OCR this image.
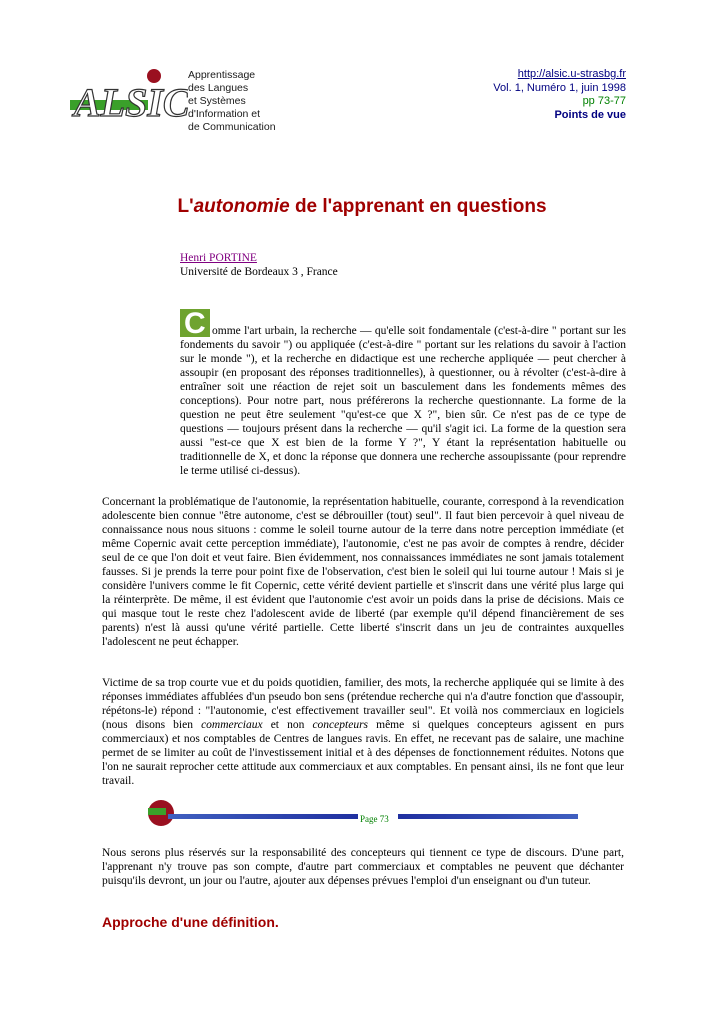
ALSIC
Apprentissage
des Langues
et Systèmes
d'Information et
de Communication
http://alsic.u-strasbg.fr
Vol. 1, Numéro 1, juin 1998
pp 73-77
Points de vue
L'autonomie de l'apprenant en questions
Henri PORTINE
Université de Bordeaux 3 , France
C omme l'art urbain, la recherche — qu'elle soit fondamentale (c'est-à-dire " portant sur les fondements du savoir ") ou appliquée (c'est-à-dire " portant sur les relations du savoir à l'action sur le monde "), et la recherche en didactique est une recherche appliquée — peut chercher à assoupir (en proposant des réponses traditionnelles), à questionner, ou à révolter (c'est-à-dire à entraîner soit une réaction de rejet soit un basculement dans les fondements mêmes des conceptions). Pour notre part, nous préférerons la recherche questionnante. La forme de la question ne peut être seulement "qu'est-ce que X ?", bien sûr. Ce n'est pas de ce type de questions — toujours présent dans la recherche — qu'il s'agit ici. La forme de la question sera aussi "est-ce que X est bien de la forme Y ?", Y étant la représentation habituelle ou traditionnelle de X, et donc la réponse que donnera une recherche assoupissante (pour reprendre le terme utilisé ci-dessus).

Concernant la problématique de l'autonomie, la représentation habituelle, courante, correspond à la revendication adolescente bien connue "être autonome, c'est se débrouiller (tout) seul". Il faut bien percevoir à quel niveau de connaissance nous nous situons : comme le soleil tourne autour de la terre dans notre perception immédiate (et même Copernic avait cette perception immédiate), l'autonomie, c'est ne pas avoir de comptes à rendre, décider seul de ce que l'on doit et veut faire. Bien évidemment, nos connaissances immédiates ne sont jamais totalement fausses. Si je prends la terre pour point fixe de l'observation, c'est bien le soleil qui lui tourne autour ! Mais si je considère l'univers comme le fit Copernic, cette vérité devient partielle et s'inscrit dans une vérité plus large qui la réinterprète. De même, il est évident que l'autonomie c'est avoir un poids dans la prise de décisions. Mais ce qui masque tout le reste chez l'adolescent avide de liberté (par exemple qu'il dépend financièrement de ses parents) n'est là aussi qu'une vérité partielle. Cette liberté s'inscrit dans un jeu de contraintes auxquelles l'adolescent ne peut échapper.

Victime de sa trop courte vue et du poids quotidien, familier, des mots, la recherche appliquée qui se limite à des réponses immédiates affublées d'un pseudo bon sens (prétendue recherche qui n'a d'autre fonction que d'assoupir, répétons-le) répond : "l'autonomie, c'est effectivement travailler seul". Et voilà nos commerciaux en logiciels (nous disons bien commerciaux et non concepteurs même si quelques concepteurs agissent en purs commerciaux) et nos comptables de Centres de langues ravis. En effet, ne recevant pas de salaire, une machine permet de se limiter au coût de l'investissement initial et à des dépenses de fonctionnement réduites. Notons que l'on ne saurait reprocher cette attitude aux commerciaux et aux comptables. En pensant ainsi, ils ne font que leur travail.

Page 73

Nous serons plus réservés sur la responsabilité des concepteurs qui tiennent ce type de discours. D'une part, l'apprenant n'y trouve pas son compte, d'autre part commerciaux et comptables ne peuvent que déchanter puisqu'ils devront, un jour ou l'autre, ajouter aux dépenses prévues l'emploi d'un enseignant ou d'un tuteur.

Approche d'une définition.
